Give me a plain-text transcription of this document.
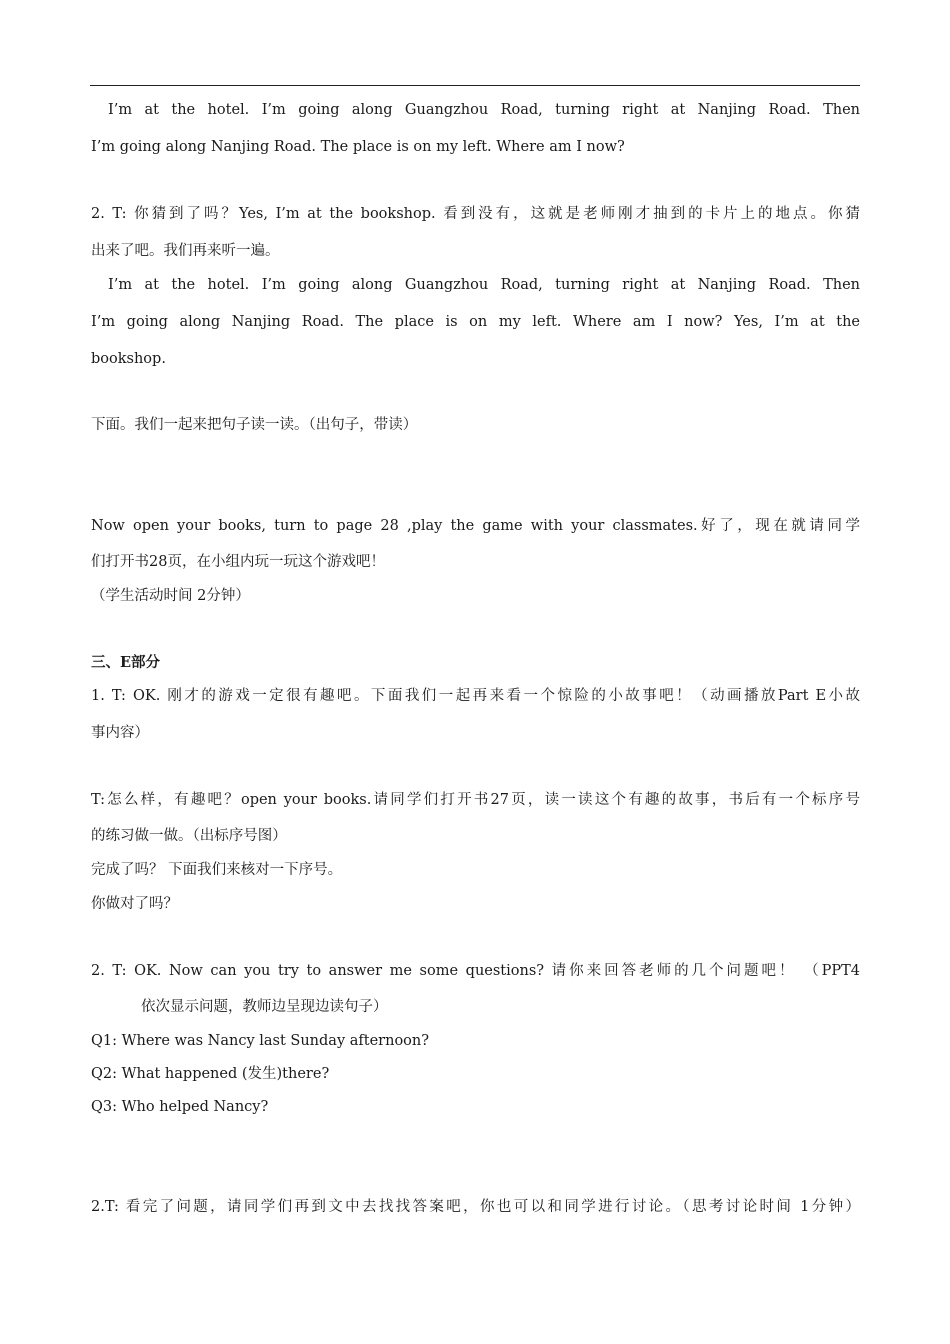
I’m at the hotel. I’m going along Guangzhou Road, turning right at Nanjing Road. Then
I’m going along Nanjing Road. The place is on my left. Where am I now?
2. T: 你猜到了吗？Yes, I’m at the bookshop. 看到没有，这就是老师刚才抽到的卡片上的地点。你猜
出来了吧。我们再来听一遍。
I’m at the hotel. I’m going along Guangzhou Road, turning right at Nanjing Road. Then
I’m going along Nanjing Road. The place is on my left. Where am I now? Yes, I’m at the
bookshop.
下面。我们一起来把句子读一读。（出句子，带读）
Now open your books, turn to page 28 ,play the game with your classmates.好了，现在就请同学
们打开书28页，在小组内玩一玩这个游戏吧！
（学生活动时间 2分钟）
三、E部分
1. T: OK. 刚才的游戏一定很有趣吧。下面我们一起再来看一个惊险的小故事吧！（动画播放Part E小故
事内容）
T:怎么样，有趣吧？open your books.请同学们打开书27页，读一读这个有趣的故事，书后有一个标序号
的练习做一做。（出标序号图）
完成了吗？ 下面我们来核对一下序号。
你做对了吗？
2. T: OK. Now can you try to answer me some questions? 请你来回答老师的几个问题吧！ （PPT4
依次显示问题，教师边呈现边读句子）
Q1: Where was Nancy last Sunday afternoon?
Q2: What happened (发生)there?
Q3: Who helped Nancy?
2.T: 看完了问题，请同学们再到文中去找找答案吧，你也可以和同学进行讨论。（思考讨论时间 1分钟）
